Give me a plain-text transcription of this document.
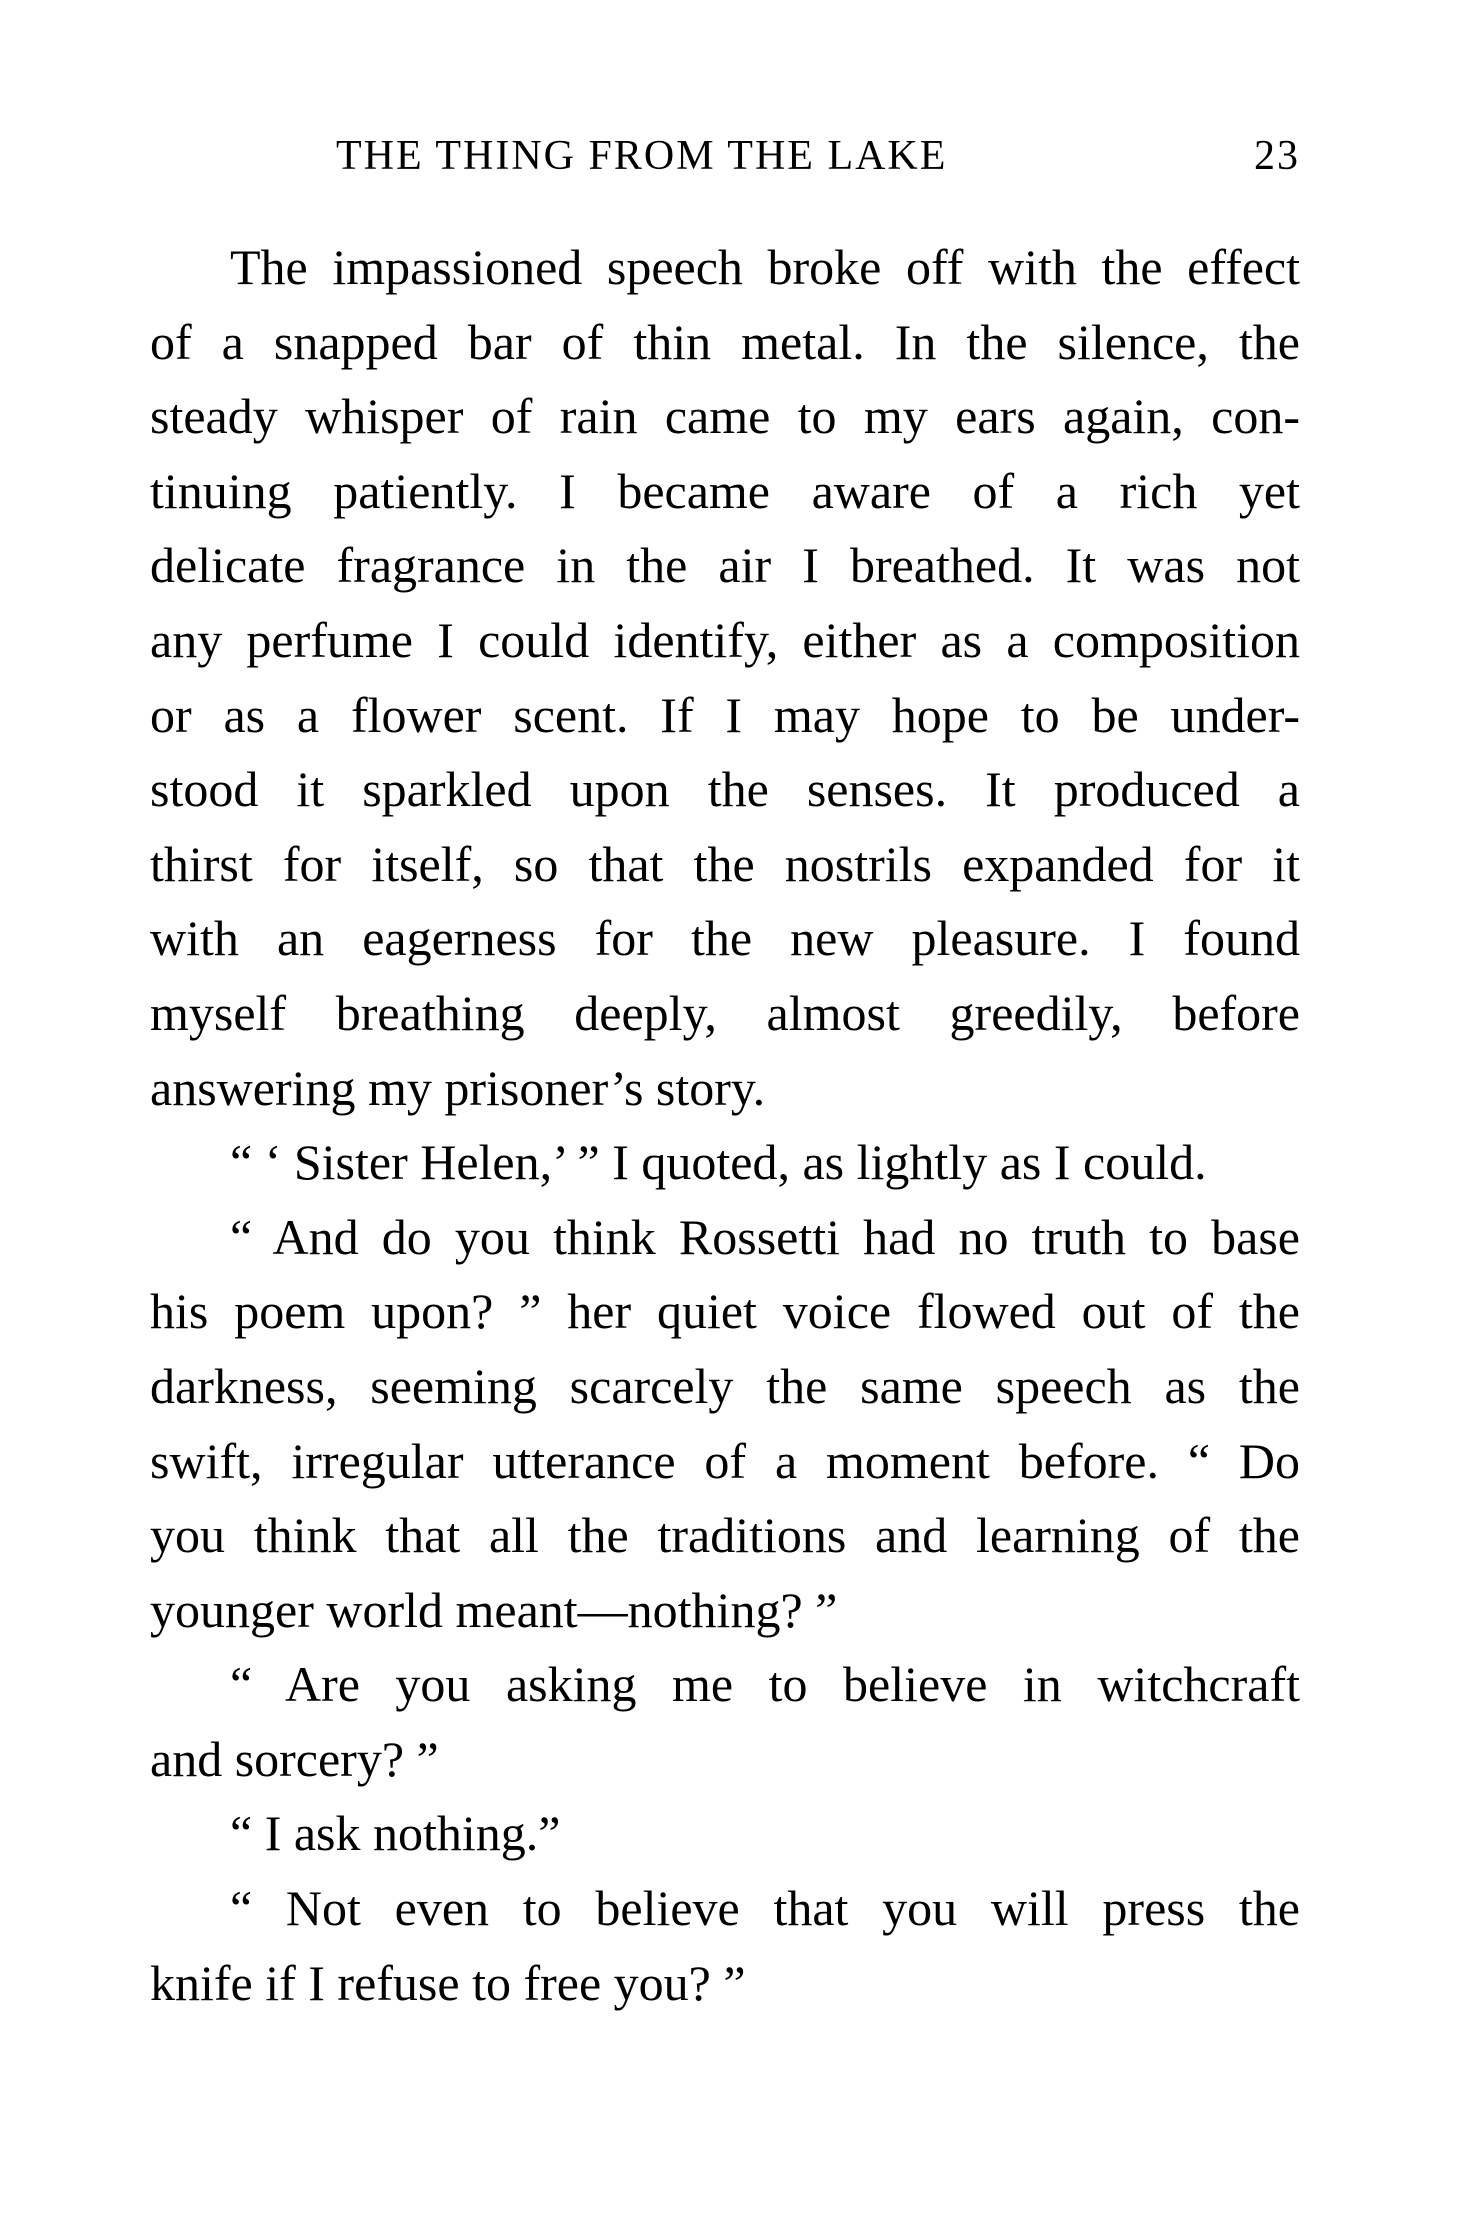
THE THING FROM THE LAKE	23
The impassioned speech broke off with the effect
of a snapped bar of thin metal. In the silence, the
steady whisper of rain came to my ears again, con-
tinuing patiently. I became aware of a rich yet
delicate fragrance in the air I breathed. It was not
any perfume I could identify, either as a composition
or as a flower scent. If I may hope to be under-
stood it sparkled upon the senses. It produced a
thirst for itself, so that the nostrils expanded for it
with an eagerness for the new pleasure. I found
myself breathing deeply, almost greedily, before
answering my prisoner’s story.
“ ‘ Sister Helen,’ ” I quoted, as lightly as I could.
“ And do you think Rossetti had no truth to base
his poem upon? ” her quiet voice flowed out of the
darkness, seeming scarcely the same speech as the
swift, irregular utterance of a moment before. “ Do
you think that all the traditions and learning of the
younger world meant—nothing? ”
“ Are you asking me to believe in witchcraft
and sorcery? ”
“ I ask nothing.”
“ Not even to believe that you will press the
knife if I refuse to free you? ”
